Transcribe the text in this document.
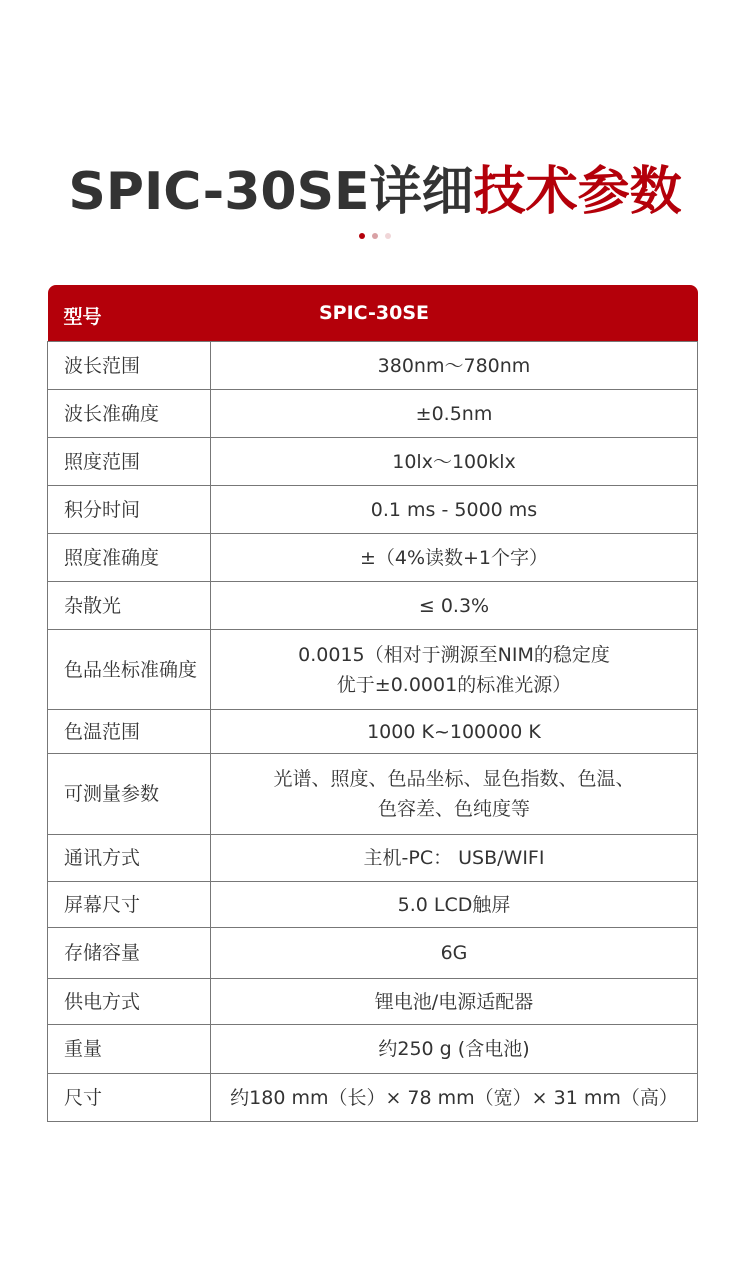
SPIC-30SE详细技术参数
型号	SPIC-30SE
波长范围	380nm～780nm

波长准确度	±0.5nm

照度范围	10lx～100klx

积分时间	0.1 ms - 5000 ms

照度准确度	±（4%读数+1个字）

杂散光	≤ 0.3%

色品坐标准确度	0.0015（相对于溯源至NIM的稳定度
优于±0.0001的标准光源）

色温范围	1000 K~100000 K

可测量参数	光谱、照度、色品坐标、显色指数、色温、
色容差、色纯度等

通讯方式	主机-PC： USB/WIFI

屏幕尺寸	5.0 LCD触屏

存储容量	6G

供电方式	锂电池/电源适配器

重量	约250 g (含电池)

尺寸	约180 mm（长）× 78 mm（宽）× 31 mm（高）
